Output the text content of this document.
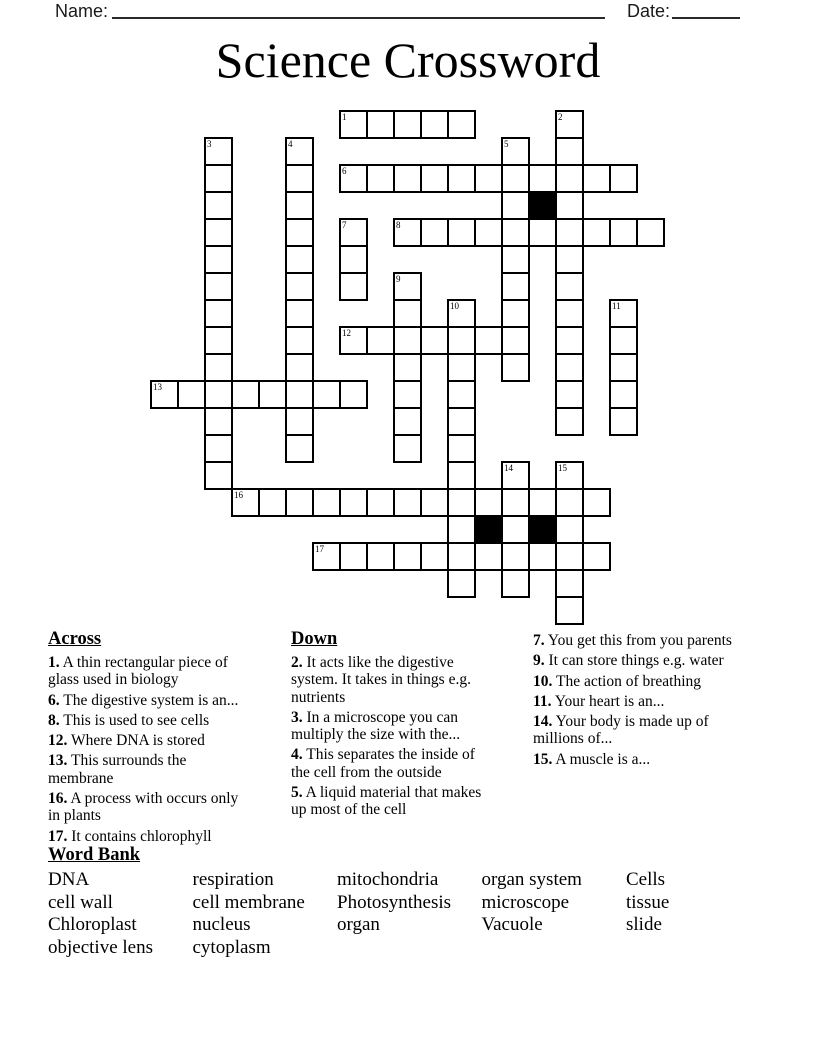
Name:	Date:
Science Crossword
1	2
3	4	5
6
7	8
9
10	11
12
13
14	15
16
17
Across
1. A thin rectangular piece of glass used in biology
6. The digestive system is an...
8. This is used to see cells
12. Where DNA is stored
13. This surrounds the membrane
16. A process with occurs only in plants
17. It contains chlorophyll
Down
2. It acts like the digestive system. It takes in things e.g. nutrients
3. In a microscope you can multiply the size with the...
4. This separates the inside of the cell from the outside
5. A liquid material that makes up most of the cell
7. You get this from you parents
9. It can store things e.g. water
10. The action of breathing
11. Your heart is an...
14. Your body is made up of millions of...
15. A muscle is a...
Word Bank
DNA	respiration	mitochondria	organ system	Cells
cell wall	cell membrane	Photosynthesis	microscope	tissue
Chloroplast	nucleus	organ	Vacuole	slide
objective lens	cytoplasm
